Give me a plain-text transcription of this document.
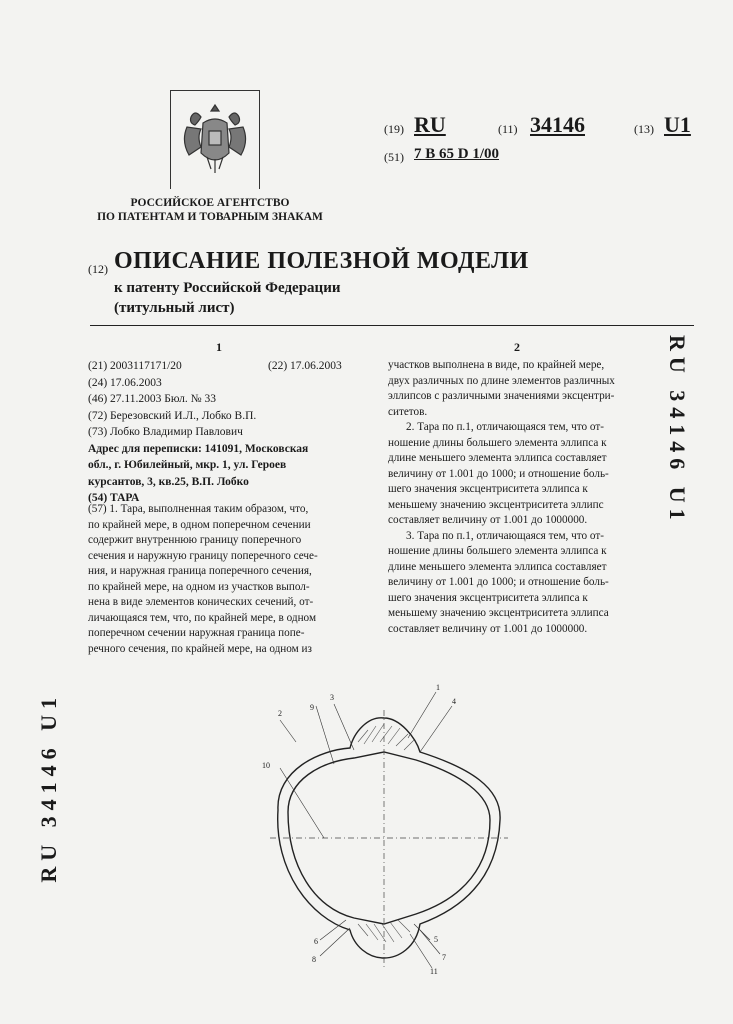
РОССИЙСКОЕ АГЕНТСТВО
ПО ПАТЕНТАМ И ТОВАРНЫМ ЗНАКАМ
(19) RU	(11) 34146	(13) U1
(51) 7 B 65 D 1/00
(12) ОПИСАНИЕ ПОЛЕЗНОЙ МОДЕЛИ
к патенту Российской Федерации
(титульный лист)
1	2
(21) 2003117171/20	(22) 17.06.2003
(24) 17.06.2003
(46) 27.11.2003 Бюл. № 33
(72) Березовский И.Л., Лобко В.П.
(73) Лобко Владимир Павлович
Адрес для переписки: 141091, Московская
обл., г. Юбилейный, мкр. 1, ул. Героев
курсантов, 3, кв.25, В.П. Лобко
(54) ТАРА

(57) 1. Тара, выполненная таким образом, что,

по крайней мере, в одном поперечном сечении

содержит внутреннюю границу поперечного

сечения и наружную границу поперечного сече-

ния, и наружная граница поперечного сечения,

по крайней мере, на одном из участков выпол-

нена в виде элементов конических сечений, от-

личающаяся тем, что, по крайней мере, в одном

поперечном сечении наружная граница попе-

речного сечения, по крайней мере, на одном из

участков выполнена в виде, по крайней мере,

двух различных по длине элементов различных

эллипсов с различными значениями эксцентри-

ситетов.

2. Тара по п.1, отличающаяся тем, что от-

ношение длины большего элемента эллипса к

длине меньшего элемента эллипса составляет

величину от 1.001 до 1000; и отношение боль-

шего значения эксцентриситета эллипса к

меньшему значению эксцентриситета эллипс

составляет величину от 1.001 до 1000000.

3. Тара по п.1, отличающаяся тем, что от-

ношение длины большего элемента эллипса к

длине меньшего элемента эллипса составляет

величину от 1.001 до 1000; и отношение боль-

шего значения эксцентриситета эллипса к

меньшему значению эксцентриситета эллипса

составляет величину от 1.001 до 1000000.

RU 34146 U1
RU 34146 U1
1
4
3
9
2
10
6
8
5
7
11
